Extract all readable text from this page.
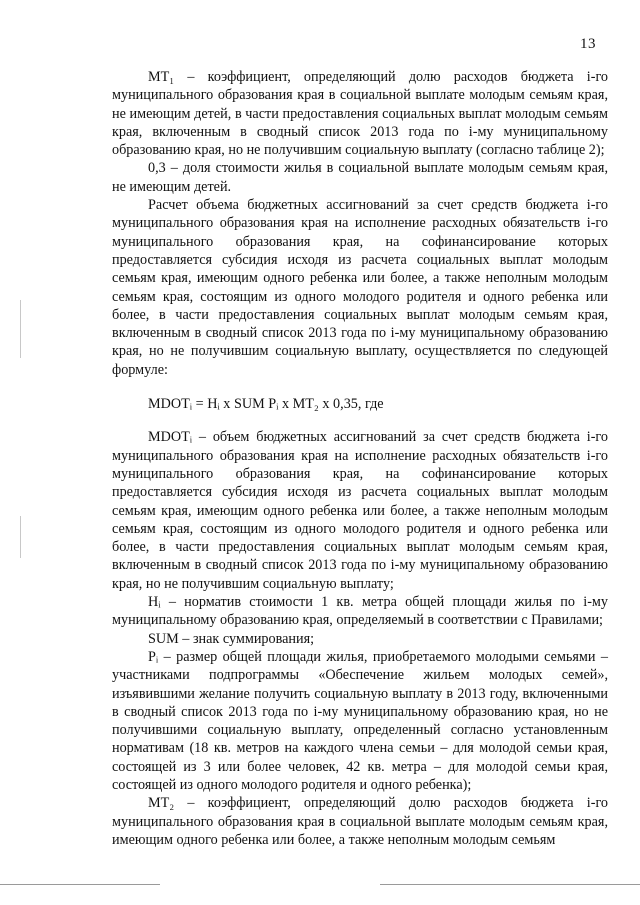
13

МТ₁ – коэффициент, определяющий долю расходов бюджета i-го муниципального образования края в социальной выплате молодым семьям края, не имеющим детей, в части предоставления социальных выплат молодым семьям края, включенным в сводный список 2013 года по i-му муниципальному образованию края, но не получившим социальную выплату (согласно таблице 2);

0,3 – доля стоимости жилья в социальной выплате молодым семьям края, не имеющим детей.

Расчет объема бюджетных ассигнований за счет средств бюджета i-го муниципального образования края на исполнение расходных обязательств i-го муниципального образования края, на софинансирование которых предоставляется субсидия исходя из расчета социальных выплат молодым семьям края, имеющим одного ребенка или более, а также неполным молодым семьям края, состоящим из одного молодого родителя и одного ребенка или более, в части предоставления социальных выплат молодым семьям края, включенным в сводный список 2013 года по i-му муниципальному образованию края, но не получившим социальную выплату, осуществляется по следующей формуле:

MDOTᵢ = Hᵢ x SUM Pᵢ x MT₂ x 0,35, где

MDOTᵢ – объем бюджетных ассигнований за счет средств бюджета i-го муниципального образования края на исполнение расходных обязательств i-го муниципального образования края, на софинансирование которых предоставляется субсидия исходя из расчета социальных выплат молодым семьям края, имеющим одного ребенка или более, а также неполным молодым семьям края, состоящим из одного молодого родителя и одного ребенка или более, в части предоставления социальных выплат молодым семьям края, включенным в сводный список 2013 года по i-му муниципальному образованию края, но не получившим социальную выплату;

Hᵢ – норматив стоимости 1 кв. метра общей площади жилья по i-му муниципальному образованию края, определяемый в соответствии с Правилами;

SUM – знак суммирования;

Pᵢ – размер общей площади жилья, приобретаемого молодыми семьями – участниками подпрограммы «Обеспечение жильем молодых семей», изъявившими желание получить социальную выплату в 2013 году, включенными в сводный список 2013 года по i-му муниципальному образованию края, но не получившими социальную выплату, определенный согласно установленным нормативам (18 кв. метров на каждого члена семьи – для молодой семьи края, состоящей из 3 или более человек, 42 кв. метра – для молодой семьи края, состоящей из одного молодого родителя и одного ребенка);

МТ₂ – коэффициент, определяющий долю расходов бюджета i-го муниципального образования края в социальной выплате молодым семьям края, имеющим одного ребенка или более, а также неполным молодым семьям
